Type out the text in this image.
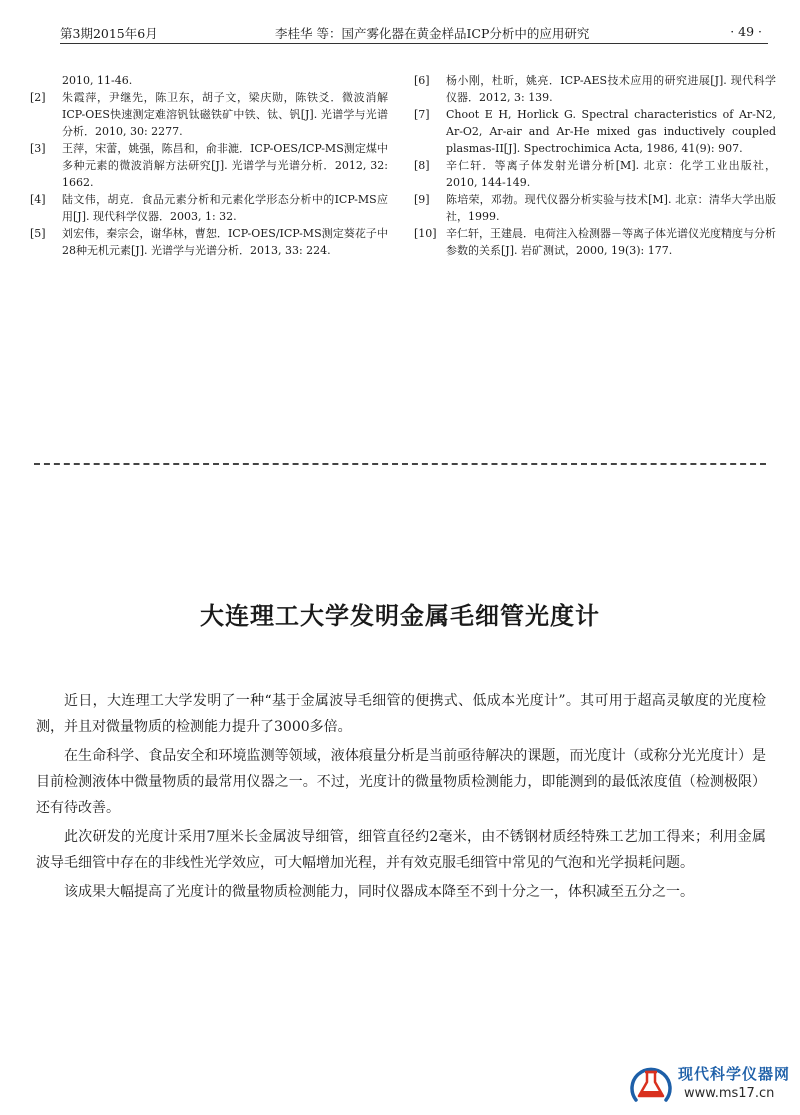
第3期2015年6月	李桂华 等：国产雾化器在黄金样品ICP分析中的应用研究	· 49 ·
2010, 11-46.
[2] 朱霞萍，尹继先，陈卫东，胡子文，梁庆勋，陈铁爻．微波消解ICP-OES快速测定难溶钒钛磁铁矿中铁、钛、钒[J]. 光谱学与光谱分析．2010, 30: 2277.
[3] 王萍，宋蕾，姚强，陈昌和，俞非漉．ICP-OES/ICP-MS测定煤中多种元素的微波消解方法研究[J]. 光谱学与光谱分析．2012, 32: 1662.
[4] 陆文伟，胡克．食品元素分析和元素化学形态分析中的ICP-MS应用[J]. 现代科学仪器．2003, 1: 32.
[5] 刘宏伟，秦宗会，谢华林，曹恕．ICP-OES/ICP-MS测定葵花子中28种无机元素[J]. 光谱学与光谱分析．2013, 33: 224.
[6] 杨小刚，杜昕，姚亮．ICP-AES技术应用的研究进展[J]. 现代科学仪器．2012, 3: 139.
[7] Choot E H, Horlick G. Spectral characteristics of Ar-N2, Ar-O2, Ar-air and Ar-He mixed gas inductively coupled plasmas-II[J]. Spectrochimica Acta, 1986, 41(9): 907.
[8] 辛仁轩．等离子体发射光谱分析[M]. 北京：化学工业出版社，2010, 144-149.
[9] 陈培荣，邓勃。现代仪器分析实验与技术[M]. 北京：清华大学出版社，1999.
[10] 辛仁轩，王建晨．电荷注入检测器－等离子体光谱仪光度精度与分析参数的关系[J]. 岩矿测试，2000, 19(3): 177.
大连理工大学发明金属毛细管光度计

近日，大连理工大学发明了一种“基于金属波导毛细管的便携式、低成本光度计”。其可用于超高灵敏度的光度检测，并且对微量物质的检测能力提升了3000多倍。

在生命科学、食品安全和环境监测等领域，液体痕量分析是当前亟待解决的课题，而光度计（或称分光光度计）是目前检测液体中微量物质的最常用仪器之一。不过，光度计的微量物质检测能力，即能测到的最低浓度值（检测极限）还有待改善。

此次研发的光度计采用7厘米长金属波导细管，细管直径约2毫米，由不锈钢材质经特殊工艺加工得来；利用金属波导毛细管中存在的非线性光学效应，可大幅增加光程，并有效克服毛细管中常见的气泡和光学损耗问题。

该成果大幅提高了光度计的微量物质检测能力，同时仪器成本降至不到十分之一，体积减至五分之一。

现代科学仪器网
www.ms17.cn
